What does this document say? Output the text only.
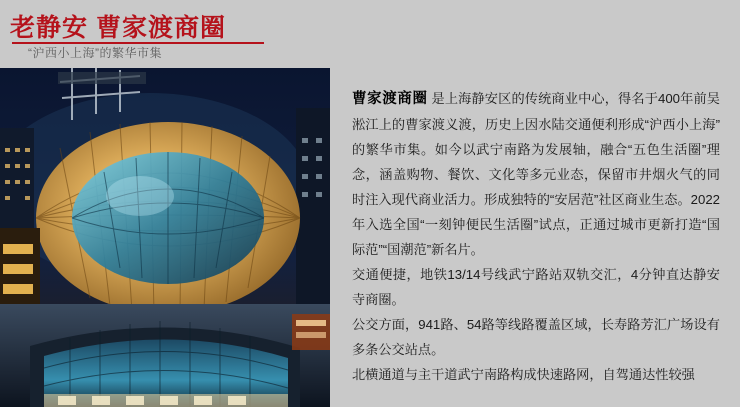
老静安 曹家渡商圈
“沪西小上海”的繁华市集

曹家渡商圈 是上海静安区的传统商业中心，得名于400年前吴淞江上的曹家渡义渡，历史上因水陆交通便利形成“沪西小上海”的繁华市集。如今以武宁南路为发展轴，融合“五色生活圈”理念，涵盖购物、餐饮、文化等多元业态，保留市井烟火气的同时注入现代商业活力。形成独特的“安居范”社区商业生态。2022年入选全国“一刻钟便民生活圈”试点，正通过城市更新打造“国际范”“国潮范”新名片。

交通便捷，地铁13/14号线武宁路站双轨交汇，4分钟直达静安寺商圈。

公交方面，941路、54路等线路覆盖区域，长寿路芳汇广场设有多条公交站点。

北横通道与主干道武宁南路构成快速路网，自驾通达性较强
